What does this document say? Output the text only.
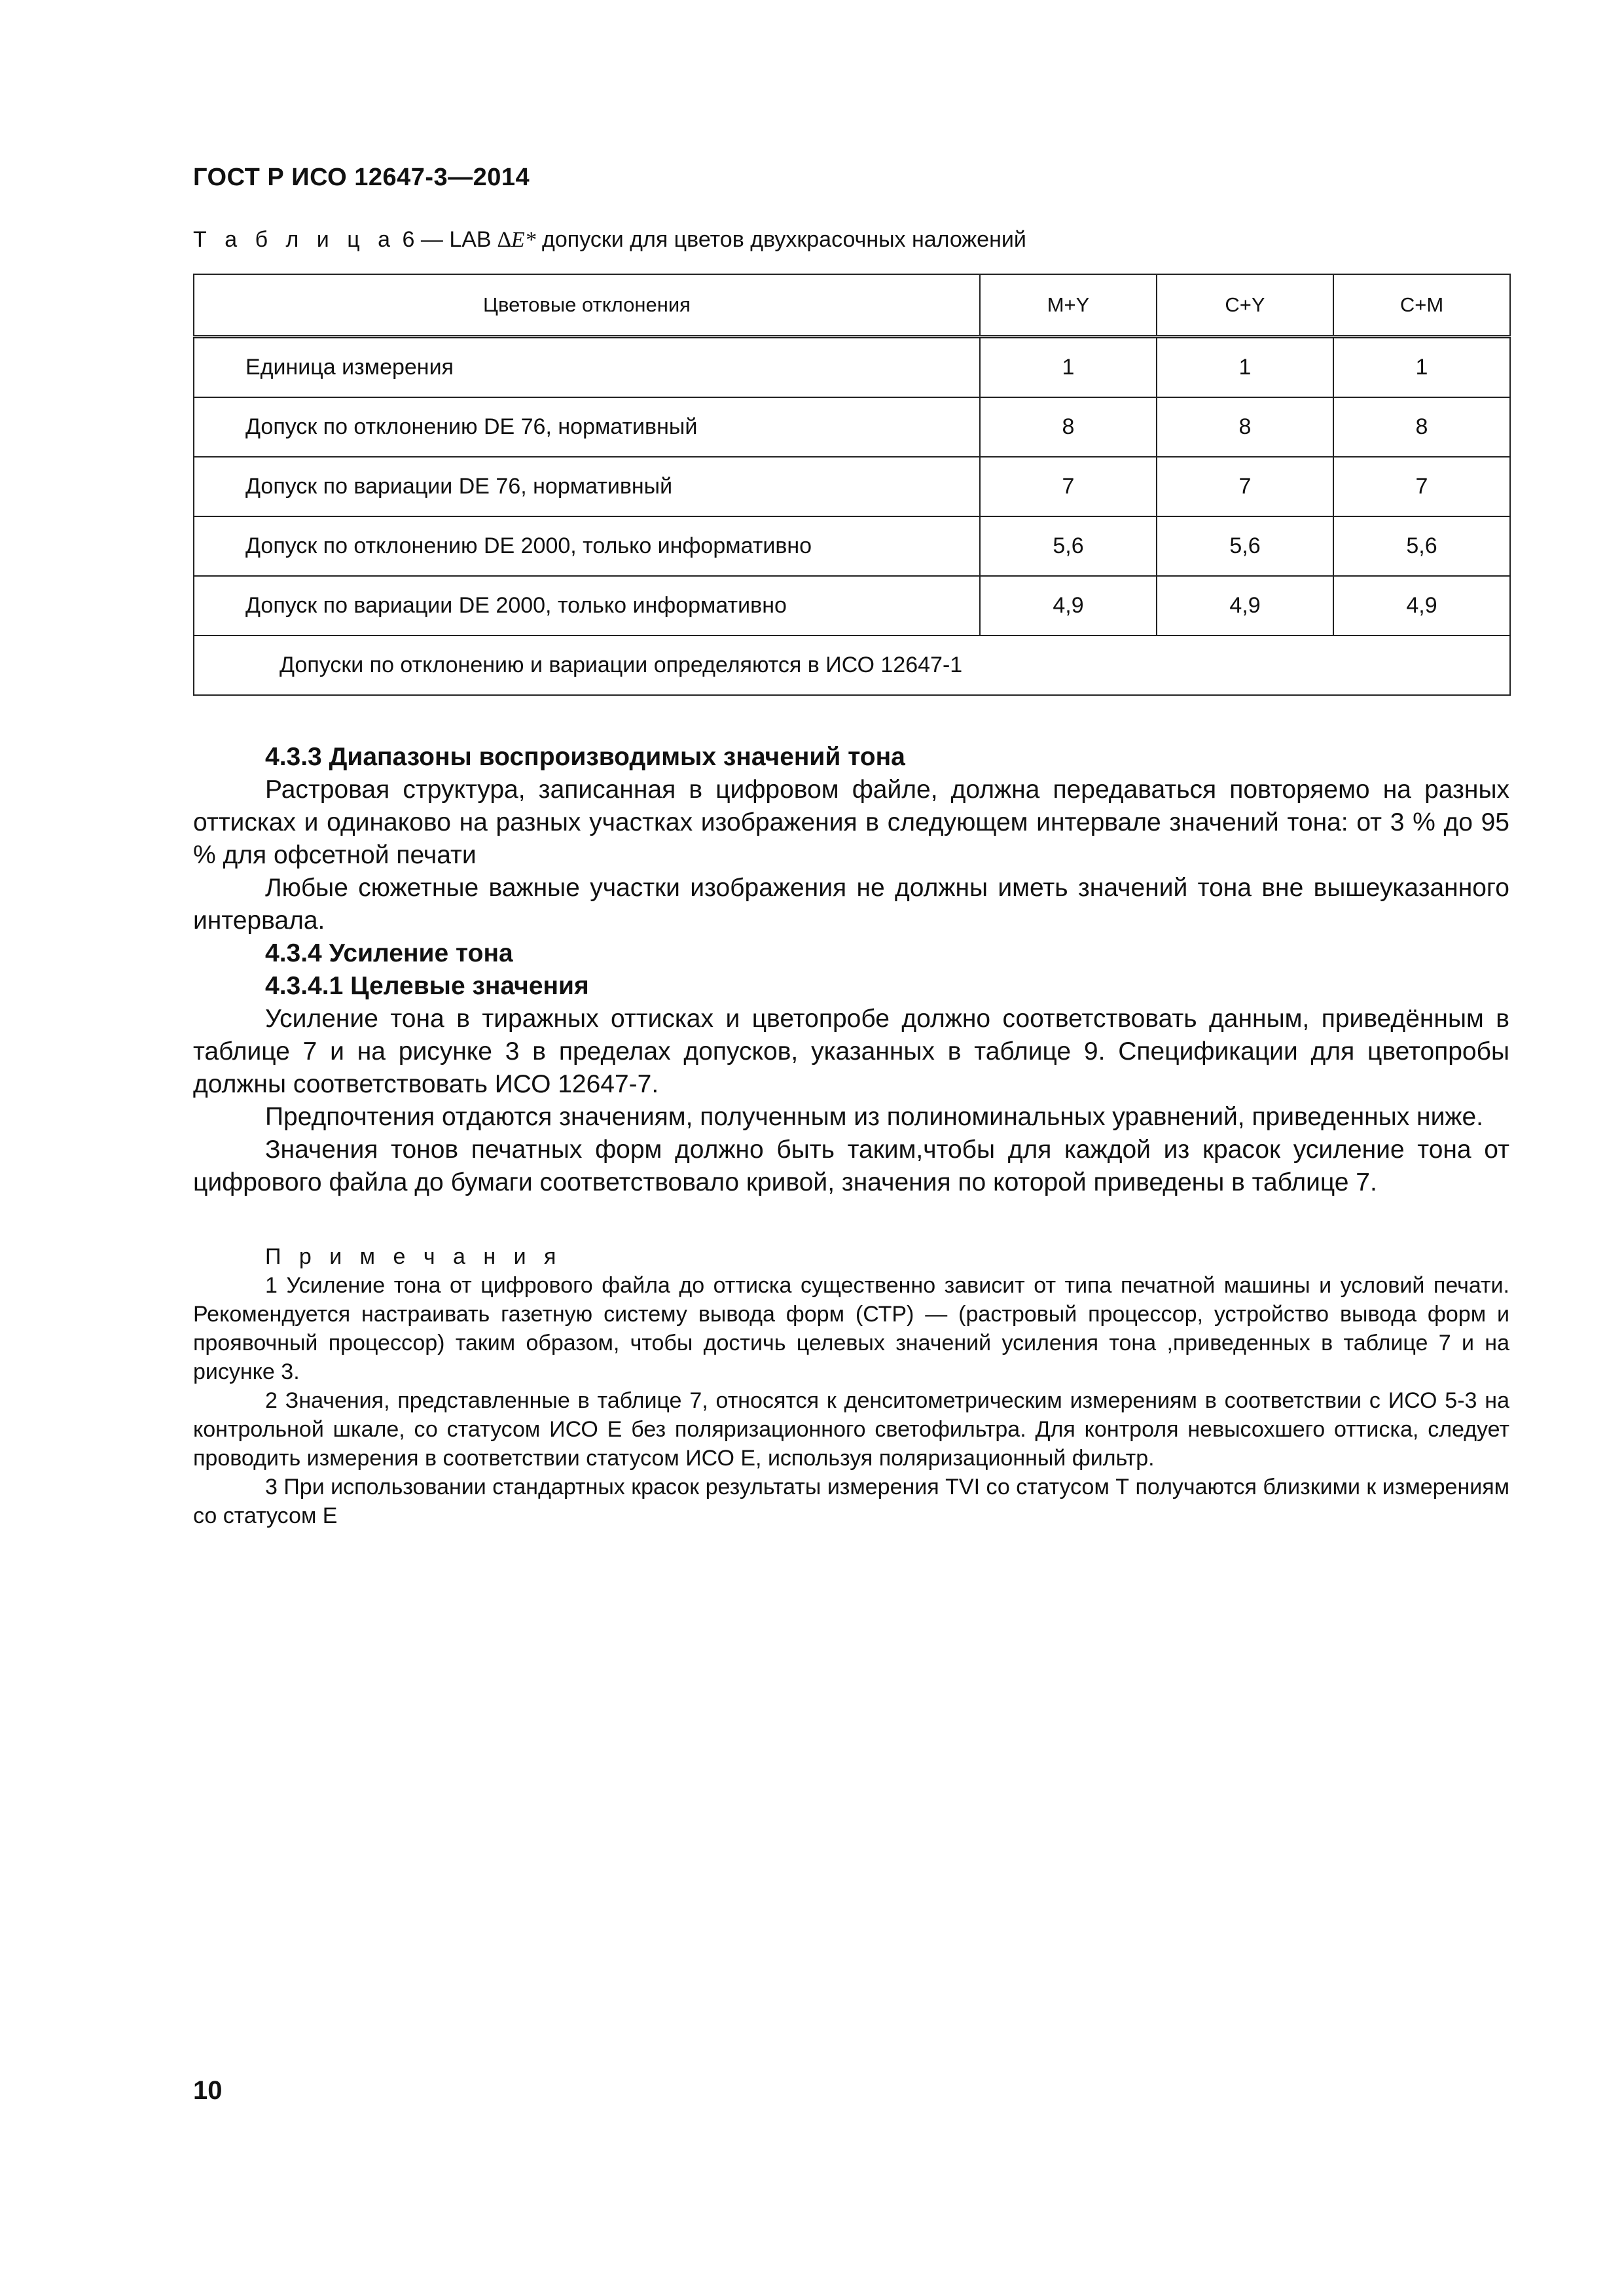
ГОСТ Р ИСО 12647-3—2014
Т а б л и ц а 6 — LAB ∆E* допуски для цветов двухкрасочных наложений
Цветовые отклонения	M+Y	C+Y	C+M
Единица измерения	1	1	1
Допуск по отклонению DE 76, нормативный	8	8	8
Допуск по вариации DE 76, нормативный	7	7	7
Допуск по отклонению DE 2000, только информативно	5,6	5,6	5,6
Допуск по вариации DE 2000, только информативно	4,9	4,9	4,9
Допуски по отклонению и вариации определяются в ИСО 12647-1			

4.3.3 Диапазоны воспроизводимых значений тона

Растровая структура, записанная в цифровом файле, должна передаваться повторяемо на разных оттисках и одинаково на разных участках изображения в следующем интервале значений тона: от 3 % до 95 % для офсетной печати

Любые сюжетные важные участки изображения не должны иметь значений тона вне вышеуказанного интервала.

4.3.4 Усиление тона

4.3.4.1 Целевые значения

Усиление тона в тиражных оттисках и цветопробе должно соответствовать данным, приведённым в таблице 7 и на рисунке 3 в пределах допусков, указанных в таблице 9. Спецификации для цветопробы должны соответствовать ИСО 12647-7.

Предпочтения отдаются значениям, полученным из полиноминальных уравнений, приведенных ниже.

Значения тонов печатных форм должно быть таким,чтобы для каждой из красок усиление тона от цифрового файла до бумаги соответствовало кривой, значения по которой приведены в таблице 7.

П р и м е ч а н и я

1 Усиление тона от цифрового файла до оттиска существенно зависит от типа печатной машины и условий печати. Рекомендуется настраивать газетную систему вывода форм (СТР) — (растровый процессор, устройство вывода форм и проявочный процессор) таким образом, чтобы достичь целевых значений усиления тона ,приведенных в таблице 7 и на рисунке 3.

2 Значения, представленные в таблице 7, относятся к денситометрическим измерениям в соответствии с ИСО 5-3 на контрольной шкале, со статусом ИСО Е без поляризационного светофильтра. Для контроля невысохшего оттиска, следует проводить измерения в соответствии статусом ИСО Е, используя поляризационный фильтр.

3 При использовании стандартных красок результаты измерения TVI со статусом Т получаются близкими к измерениям со статусом Е

10
